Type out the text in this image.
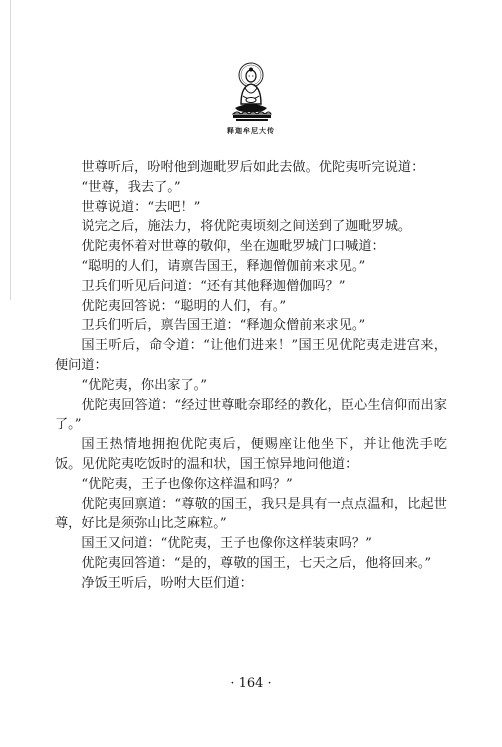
释迦牟尼大传

世尊听后，吩咐他到迦毗罗后如此去做。优陀夷听完说道：

“世尊，我去了。”

世尊说道：“去吧！”

说完之后，施法力，将优陀夷顷刻之间送到了迦毗罗城。

优陀夷怀着对世尊的敬仰，坐在迦毗罗城门口喊道：

“聪明的人们，请禀告国王，释迦僧伽前来求见。”

卫兵们听见后问道：“还有其他释迦僧伽吗？”

优陀夷回答说：“聪明的人们，有。”

卫兵们听后，禀告国王道：“释迦众僧前来求见。”

国王听后，命令道：“让他们进来！”国王见优陀夷走进宫来，便问道：

“优陀夷，你出家了。”

优陀夷回答道：“经过世尊毗奈耶经的教化，臣心生信仰而出家了。”

国王热情地拥抱优陀夷后，便赐座让他坐下，并让他洗手吃饭。见优陀夷吃饭时的温和状，国王惊异地问他道：

“优陀夷，王子也像你这样温和吗？”

优陀夷回禀道：“尊敬的国王，我只是具有一点点温和，比起世尊，好比是须弥山比芝麻粒。”

国王又问道：“优陀夷，王子也像你这样装束吗？”

优陀夷回答道：“是的，尊敬的国王，七天之后，他将回来。”

净饭王听后，吩咐大臣们道：

· 164 ·
